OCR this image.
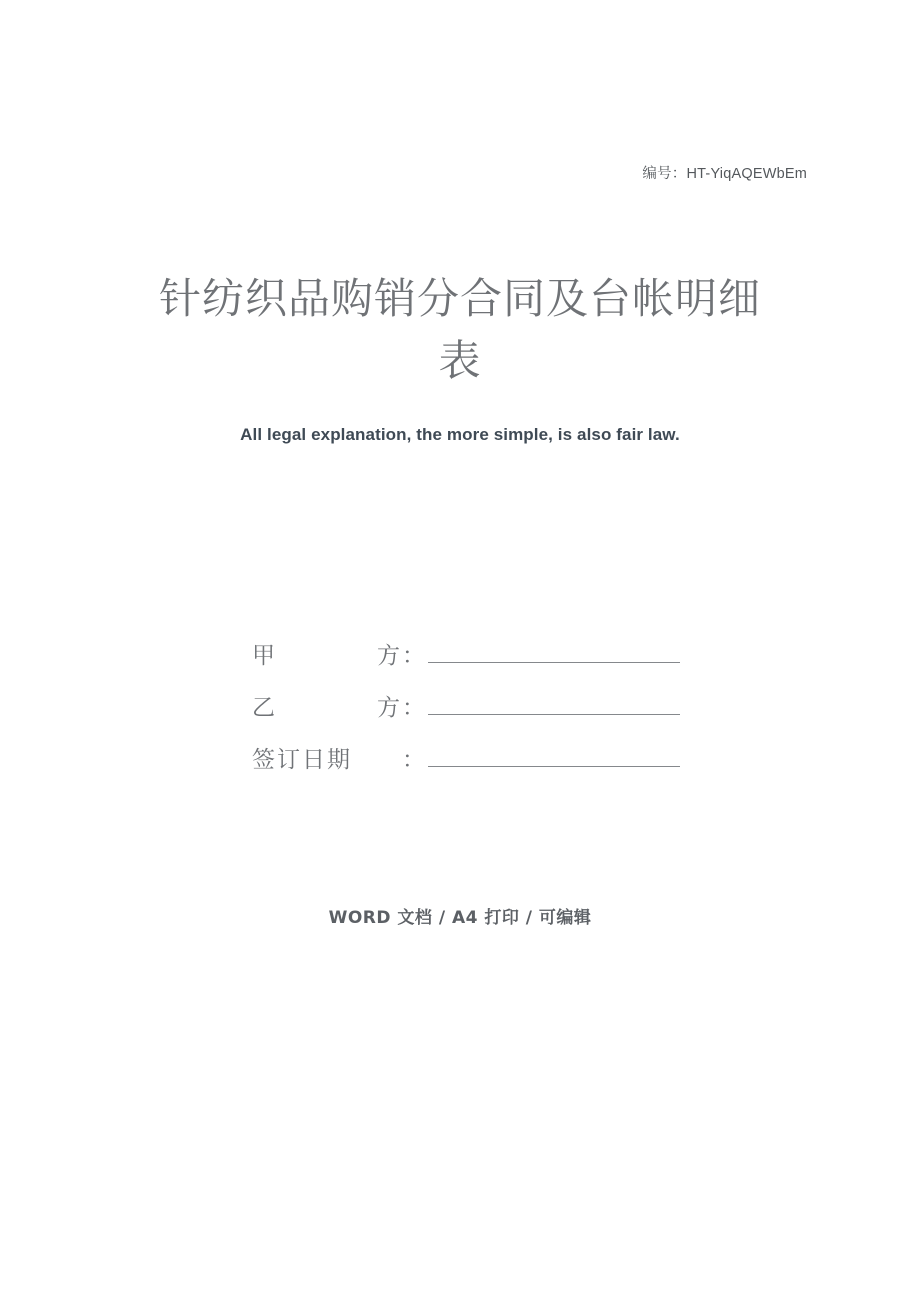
编号：HT-YiqAQEWbEm
针纺织品购销分合同及台帐明细表
All legal explanation, the more simple, is also fair law.
甲	方 ：
乙	方 ：
签订日期	：
WORD 文档 / A4 打印 / 可编辑
